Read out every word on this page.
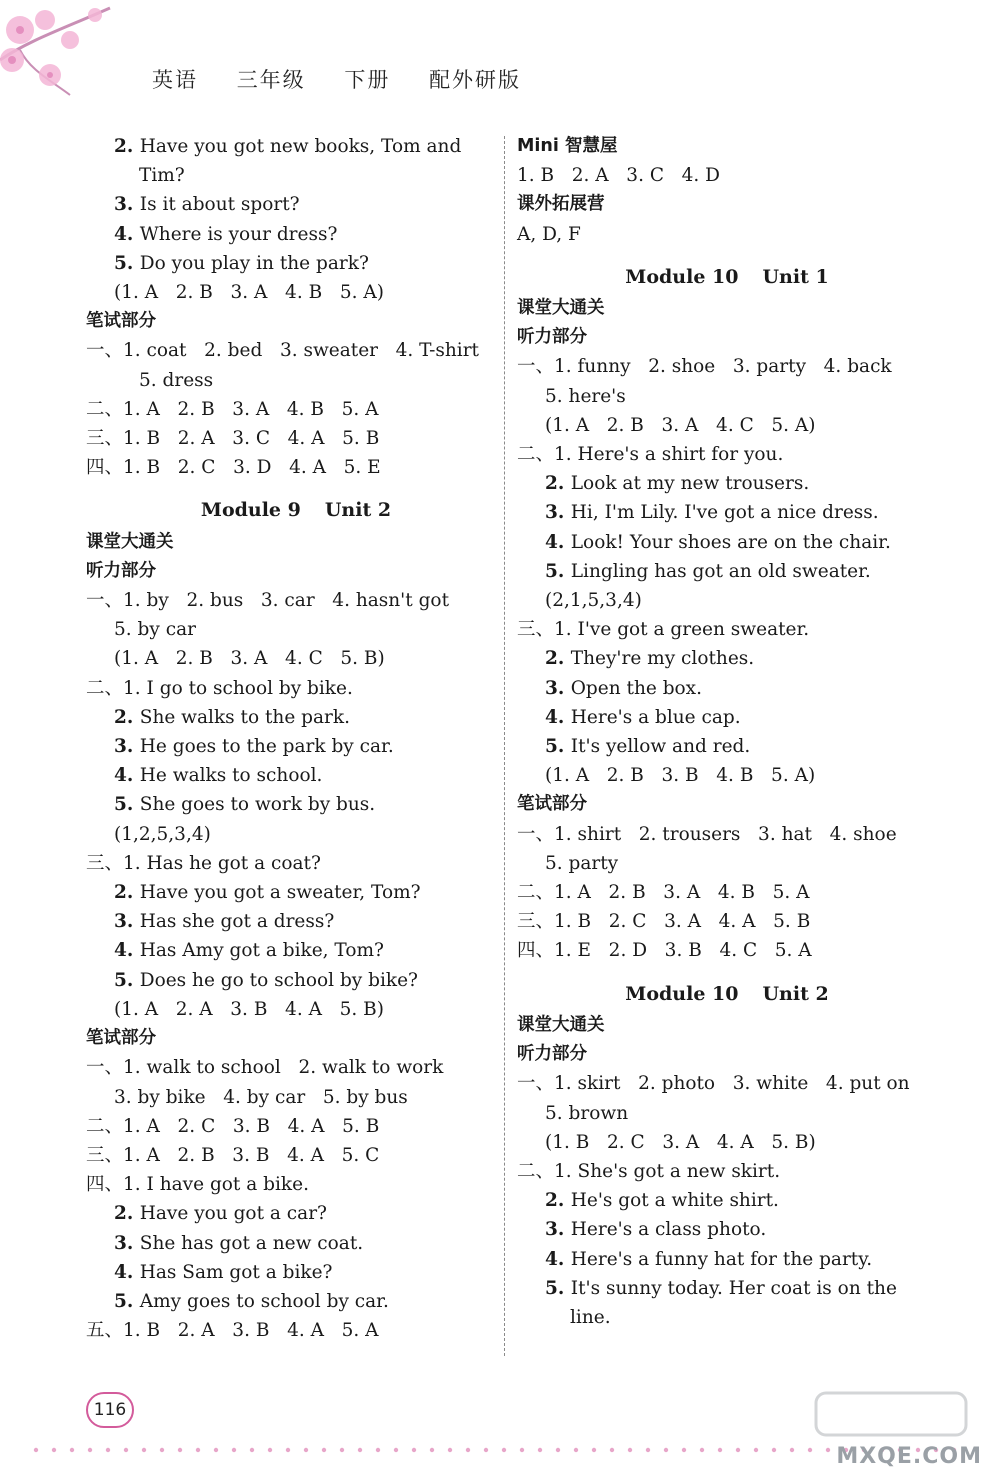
英语 三年级 下册 配外研版
2. Have you got new books, Tom and
Tim?
3. Is it about sport?
4. Where is your dress?
5. Do you play in the park?
(1. A   2. B   3. A   4. B   5. A)
笔试部分
一、1. coat   2. bed   3. sweater   4. T-shirt
5. dress
二、1. A   2. B   3. A   4. B   5. A
三、1. B   2. A   3. C   4. A   5. B
四、1. B   2. C   3. D   4. A   5. E
Module 9 Unit 2
课堂大通关
听力部分
一、1. by   2. bus   3. car   4. hasn't got
5. by car
(1. A   2. B   3. A   4. C   5. B)
二、1. I go to school by bike.
2. She walks to the park.
3. He goes to the park by car.
4. He walks to school.
5. She goes to work by bus.
(1,2,5,3,4)
三、1. Has he got a coat?
2. Have you got a sweater, Tom?
3. Has she got a dress?
4. Has Amy got a bike, Tom?
5. Does he go to school by bike?
(1. A   2. A   3. B   4. A   5. B)
笔试部分
一、1. walk to school   2. walk to work
3. by bike   4. by car   5. by bus
二、1. A   2. C   3. B   4. A   5. B
三、1. A   2. B   3. B   4. A   5. C
四、1. I have got a bike.
2. Have you got a car?
3. She has got a new coat.
4. Has Sam got a bike?
5. Amy goes to school by car.
五、1. B   2. A   3. B   4. A   5. A
Mini 智慧屋
1. B   2. A   3. C   4. D
课外拓展营
A, D, F
Module 10 Unit 1
课堂大通关
听力部分
一、1. funny   2. shoe   3. party   4. back
5. here's
(1. A   2. B   3. A   4. C   5. A)
二、1. Here's a shirt for you.
2. Look at my new trousers.
3. Hi, I'm Lily. I've got a nice dress.
4. Look! Your shoes are on the chair.
5. Lingling has got an old sweater.
(2,1,5,3,4)
三、1. I've got a green sweater.
2. They're my clothes.
3. Open the box.
4. Here's a blue cap.
5. It's yellow and red.
(1. A   2. B   3. B   4. B   5. A)
笔试部分
一、1. shirt   2. trousers   3. hat   4. shoe
5. party
二、1. A   2. B   3. A   4. B   5. A
三、1. B   2. C   3. A   4. A   5. B
四、1. E   2. D   3. B   4. C   5. A
Module 10 Unit 2
课堂大通关
听力部分
一、1. skirt   2. photo   3. white   4. put on
5. brown
(1. B   2. C   3. A   4. A   5. B)
二、1. She's got a new skirt.
2. He's got a white shirt.
3. Here's a class photo.
4. Here's a funny hat for the party.
5. It's sunny today. Her coat is on the
line.
116
MXQE.COM
